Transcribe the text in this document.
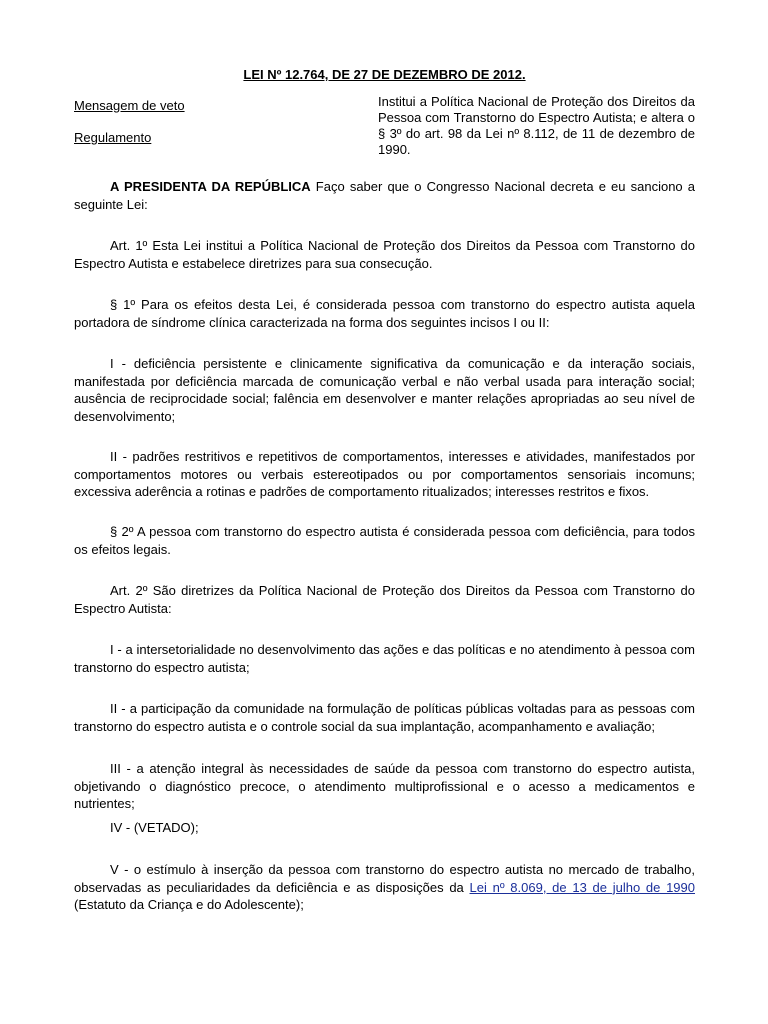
LEI Nº 12.764, DE 27 DE DEZEMBRO DE 2012.
Mensagem de veto
Regulamento
Institui a Política Nacional de Proteção dos Direitos da Pessoa com Transtorno do Espectro Autista; e altera o § 3º do art. 98 da Lei nº 8.112, de 11 de dezembro de 1990.

A PRESIDENTA DA REPÚBLICA Faço saber que o Congresso Nacional decreta e eu sanciono a seguinte Lei:

Art. 1º Esta Lei institui a Política Nacional de Proteção dos Direitos da Pessoa com Transtorno do Espectro Autista e estabelece diretrizes para sua consecução.

§ 1º Para os efeitos desta Lei, é considerada pessoa com transtorno do espectro autista aquela portadora de síndrome clínica caracterizada na forma dos seguintes incisos I ou II:

I - deficiência persistente e clinicamente significativa da comunicação e da interação sociais, manifestada por deficiência marcada de comunicação verbal e não verbal usada para interação social; ausência de reciprocidade social; falência em desenvolver e manter relações apropriadas ao seu nível de desenvolvimento;

II - padrões restritivos e repetitivos de comportamentos, interesses e atividades, manifestados por comportamentos motores ou verbais estereotipados ou por comportamentos sensoriais incomuns; excessiva aderência a rotinas e padrões de comportamento ritualizados; interesses restritos e fixos.

§ 2º A pessoa com transtorno do espectro autista é considerada pessoa com deficiência, para todos os efeitos legais.

Art. 2º São diretrizes da Política Nacional de Proteção dos Direitos da Pessoa com Transtorno do Espectro Autista:

I - a intersetorialidade no desenvolvimento das ações e das políticas e no atendimento à pessoa com transtorno do espectro autista;

II - a participação da comunidade na formulação de políticas públicas voltadas para as pessoas com transtorno do espectro autista e o controle social da sua implantação, acompanhamento e avaliação;

III - a atenção integral às necessidades de saúde da pessoa com transtorno do espectro autista, objetivando o diagnóstico precoce, o atendimento multiprofissional e o acesso a medicamentos e nutrientes;

IV - (VETADO);

V - o estímulo à inserção da pessoa com transtorno do espectro autista no mercado de trabalho, observadas as peculiaridades da deficiência e as disposições da Lei nº 8.069, de 13 de julho de 1990 (Estatuto da Criança e do Adolescente);
